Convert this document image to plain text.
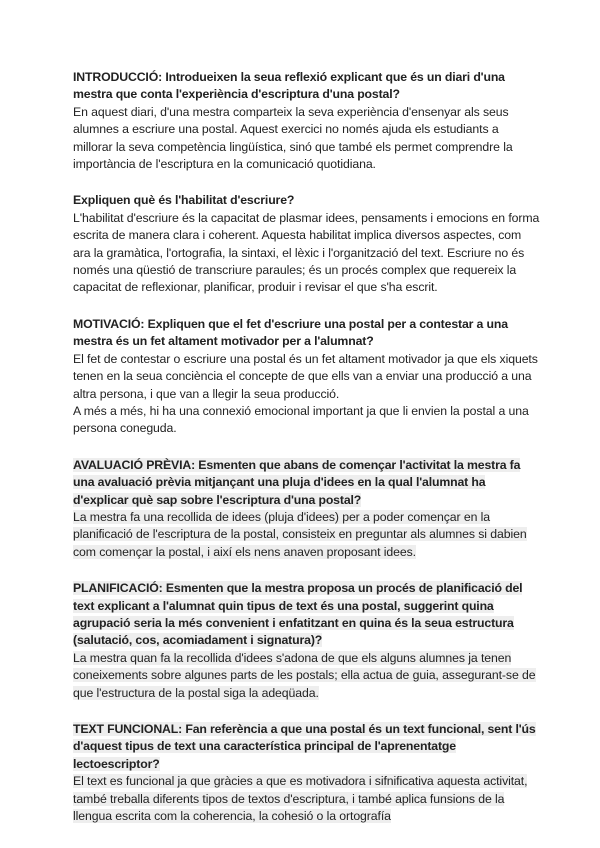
INTRODUCCIÓ: Introdueixen la seua reflexió explicant que és un diari d'una mestra que conta l'experiència d'escriptura d'una postal?

En aquest diari, d'una mestra comparteix la seva experiència d'ensenyar als seus alumnes a escriure una postal. Aquest exercici no només ajuda els estudiants a millorar la seva competència lingüística, sinó que també els permet comprendre la importància de l'escriptura en la comunicació quotidiana.

Expliquen què és l'habilitat d'escriure?

L'habilitat d'escriure és la capacitat de plasmar idees, pensaments i emocions en forma escrita de manera clara i coherent. Aquesta habilitat implica diversos aspectes, com ara la gramàtica, l'ortografia, la sintaxi, el lèxic i l'organització del text. Escriure no és només una qüestió de transcriure paraules; és un procés complex que requereix la capacitat de reflexionar, planificar, produir i revisar el que s'ha escrit.

MOTIVACIÓ: Expliquen que el fet d'escriure una postal per a contestar a una mestra és un fet altament motivador per a l'alumnat?

El fet de contestar o escriure una postal és un fet altament motivador ja que els xiquets tenen en la seua conciència el concepte de que ells van a enviar una producció a una altra persona, i que van a llegir la seua producció.

A més a més, hi ha una connexió emocional important ja que li envien la postal a una persona coneguda.

AVALUACIÓ PRÈVIA: Esmenten que abans de començar l'activitat la mestra fa una avaluació prèvia mitjançant una pluja d'idees en la qual l'alumnat ha d'explicar què sap sobre l'escriptura d'una postal?

La mestra fa una recollida de idees (pluja d'idees) per a poder començar en la planificació de l'escriptura de la postal, consisteix en preguntar als alumnes si dabien com començar la postal, i així els nens anaven proposant idees.

PLANIFICACIÓ: Esmenten que la mestra proposa un procés de planificació del text explicant a l'alumnat quin tipus de text és una postal, suggerint quina agrupació seria la més convenient i enfatitzant en quina és la seua estructura (salutació, cos, acomiadament i signatura)?

La mestra quan fa la recollida d'idees s'adona de que els alguns alumnes ja tenen coneixements sobre algunes parts de les postals; ella actua de guia, assegurant-se de que l'estructura de la postal siga la adeqüada.

TEXT FUNCIONAL: Fan referència a que una postal és un text funcional, sent l'ús d'aquest tipus de text una característica principal de l'aprenentatge lectoescriptor?

El text es funcional ja que gràcies a que es motivadora i sifnificativa aquesta activitat, també treballa diferents tipos de textos d'escriptura, i també aplica funsions de la llengua escrita com la coherencia, la cohesió o la ortografía
